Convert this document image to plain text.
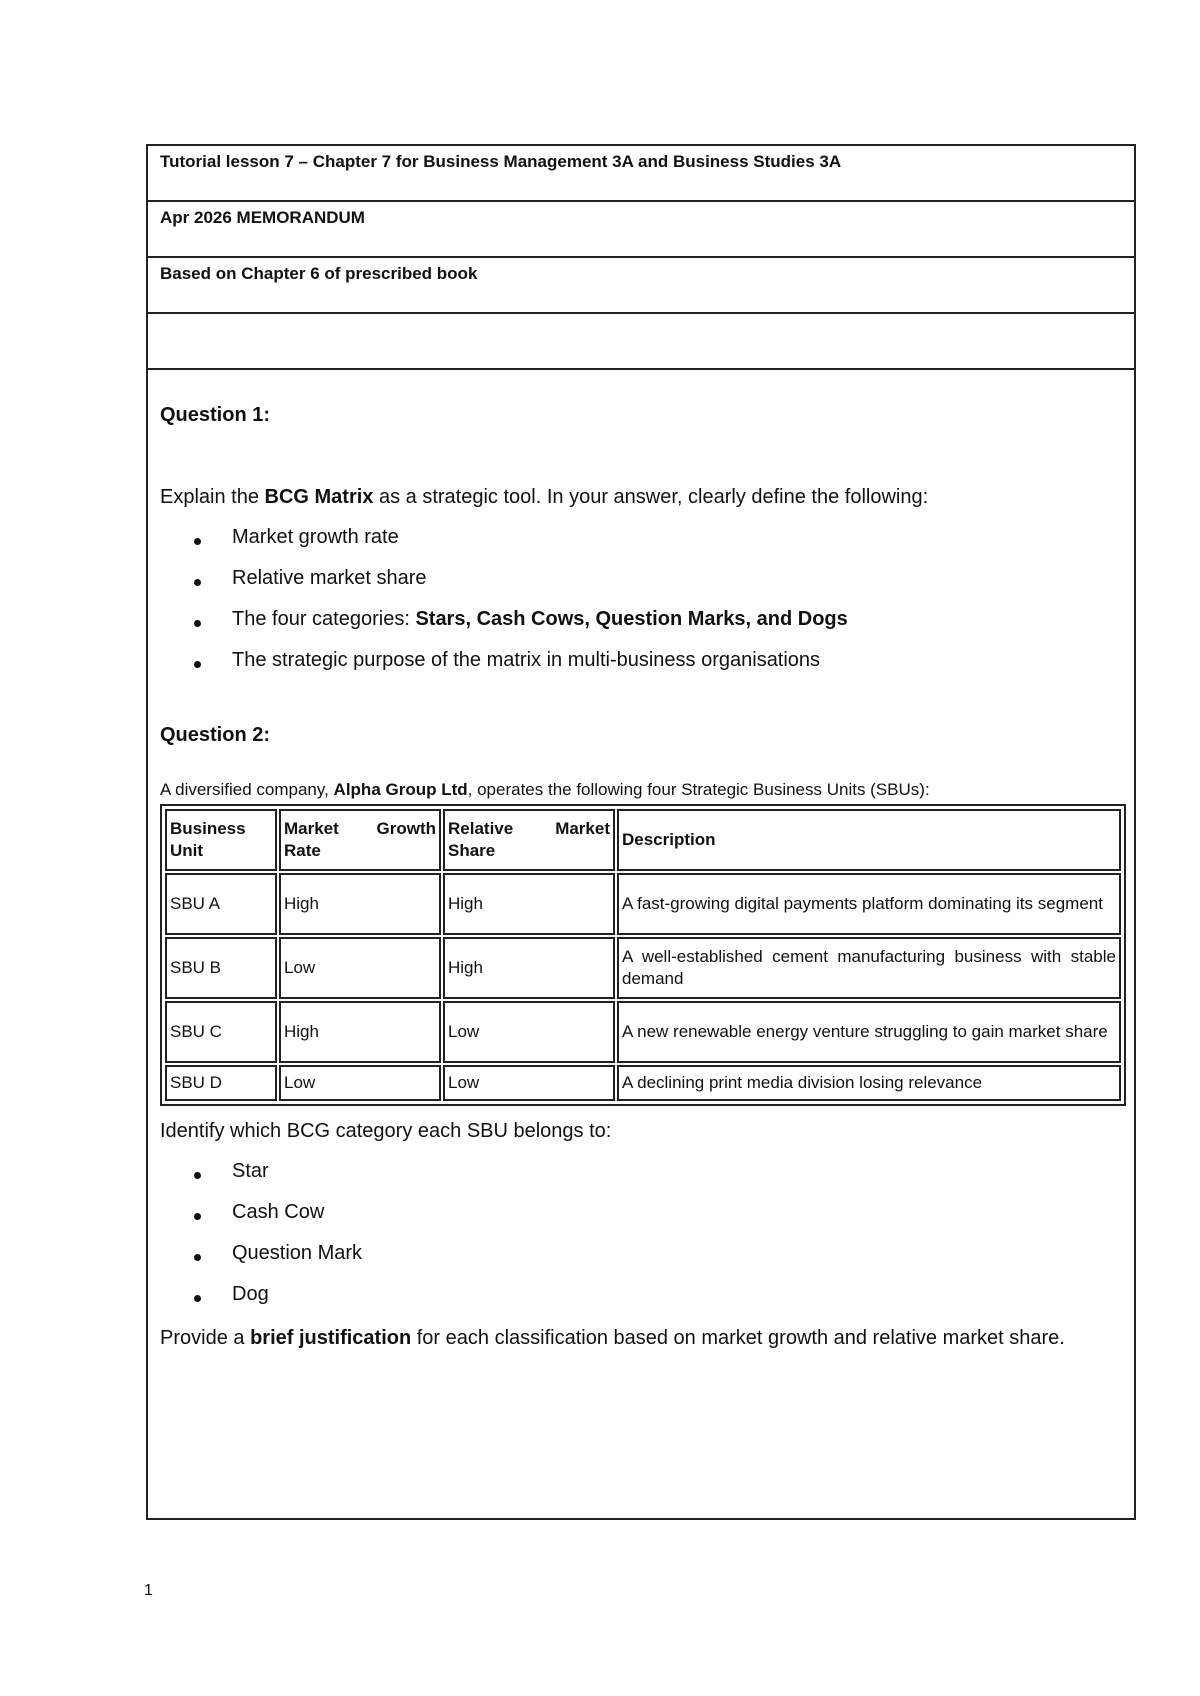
Tutorial lesson 7 – Chapter 7 for Business Management 3A and Business Studies 3A
Apr 2026 MEMORANDUM
Based on Chapter 6 of prescribed book
Question 1:
Explain the BCG Matrix as a strategic tool. In your answer, clearly define the following:
Market growth rate
Relative market share
The four categories: Stars, Cash Cows, Question Marks, and Dogs
The strategic purpose of the matrix in multi-business organisations
Question 2:
A diversified company, Alpha Group Ltd, operates the following four Strategic Business Units (SBUs):
Business Unit	Market Growth Rate	Relative Market Share	Description
SBU A	High	High	A fast-growing digital payments platform dominating its segment
SBU B	Low	High	A well-established cement manufacturing business with stable demand
SBU C	High	Low	A new renewable energy venture struggling to gain market share
SBU D	Low	Low	A declining print media division losing relevance
Identify which BCG category each SBU belongs to:
Star
Cash Cow
Question Mark
Dog
Provide a brief justification for each classification based on market growth and relative market share.
1
